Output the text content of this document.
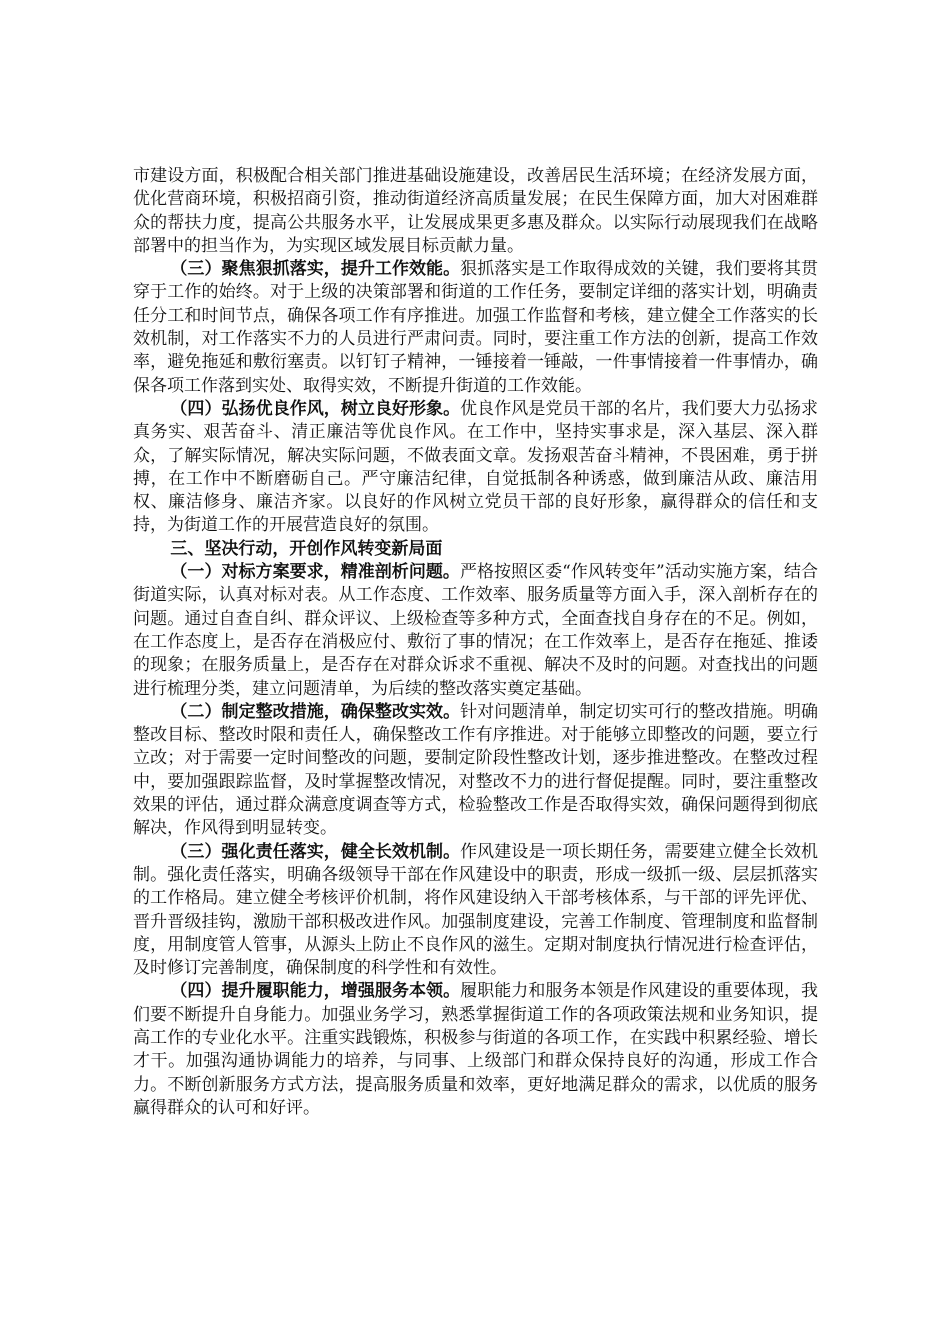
市建设方面，积极配合相关部门推进基础设施建设，改善居民生活环境；在经济发展方面，优化营商环境，积极招商引资，推动街道经济高质量发展；在民生保障方面，加大对困难群众的帮扶力度，提高公共服务水平，让发展成果更多惠及群众。以实际行动展现我们在战略部署中的担当作为，为实现区域发展目标贡献力量。

（三）聚焦狠抓落实，提升工作效能。狠抓落实是工作取得成效的关键，我们要将其贯穿于工作的始终。对于上级的决策部署和街道的工作任务，要制定详细的落实计划，明确责任分工和时间节点，确保各项工作有序推进。加强工作监督和考核，建立健全工作落实的长效机制，对工作落实不力的人员进行严肃问责。同时，要注重工作方法的创新，提高工作效率，避免拖延和敷衍塞责。以钉钉子精神，一锤接着一锤敲，一件事情接着一件事情办，确保各项工作落到实处、取得实效，不断提升街道的工作效能。

（四）弘扬优良作风，树立良好形象。优良作风是党员干部的名片，我们要大力弘扬求真务实、艰苦奋斗、清正廉洁等优良作风。在工作中，坚持实事求是，深入基层、深入群众，了解实际情况，解决实际问题，不做表面文章。发扬艰苦奋斗精神，不畏困难，勇于拼搏，在工作中不断磨砺自己。严守廉洁纪律，自觉抵制各种诱惑，做到廉洁从政、廉洁用权、廉洁修身、廉洁齐家。以良好的作风树立党员干部的良好形象，赢得群众的信任和支持，为街道工作的开展营造良好的氛围。

三、坚决行动，开创作风转变新局面

（一）对标方案要求，精准剖析问题。严格按照区委“作风转变年”活动实施方案，结合街道实际，认真对标对表。从工作态度、工作效率、服务质量等方面入手，深入剖析存在的问题。通过自查自纠、群众评议、上级检查等多种方式，全面查找自身存在的不足。例如，在工作态度上，是否存在消极应付、敷衍了事的情况；在工作效率上，是否存在拖延、推诿的现象；在服务质量上，是否存在对群众诉求不重视、解决不及时的问题。对查找出的问题进行梳理分类，建立问题清单，为后续的整改落实奠定基础。

（二）制定整改措施，确保整改实效。针对问题清单，制定切实可行的整改措施。明确整改目标、整改时限和责任人，确保整改工作有序推进。对于能够立即整改的问题，要立行立改；对于需要一定时间整改的问题，要制定阶段性整改计划，逐步推进整改。在整改过程中，要加强跟踪监督，及时掌握整改情况，对整改不力的进行督促提醒。同时，要注重整改效果的评估，通过群众满意度调查等方式，检验整改工作是否取得实效，确保问题得到彻底解决，作风得到明显转变。

（三）强化责任落实，健全长效机制。作风建设是一项长期任务，需要建立健全长效机制。强化责任落实，明确各级领导干部在作风建设中的职责，形成一级抓一级、层层抓落实的工作格局。建立健全考核评价机制，将作风建设纳入干部考核体系，与干部的评先评优、晋升晋级挂钩，激励干部积极改进作风。加强制度建设，完善工作制度、管理制度和监督制度，用制度管人管事，从源头上防止不良作风的滋生。定期对制度执行情况进行检查评估，及时修订完善制度，确保制度的科学性和有效性。

（四）提升履职能力，增强服务本领。履职能力和服务本领是作风建设的重要体现，我们要不断提升自身能力。加强业务学习，熟悉掌握街道工作的各项政策法规和业务知识，提高工作的专业化水平。注重实践锻炼，积极参与街道的各项工作，在实践中积累经验、增长才干。加强沟通协调能力的培养，与同事、上级部门和群众保持良好的沟通，形成工作合力。不断创新服务方式方法，提高服务质量和效率，更好地满足群众的需求，以优质的服务赢得群众的认可和好评。
